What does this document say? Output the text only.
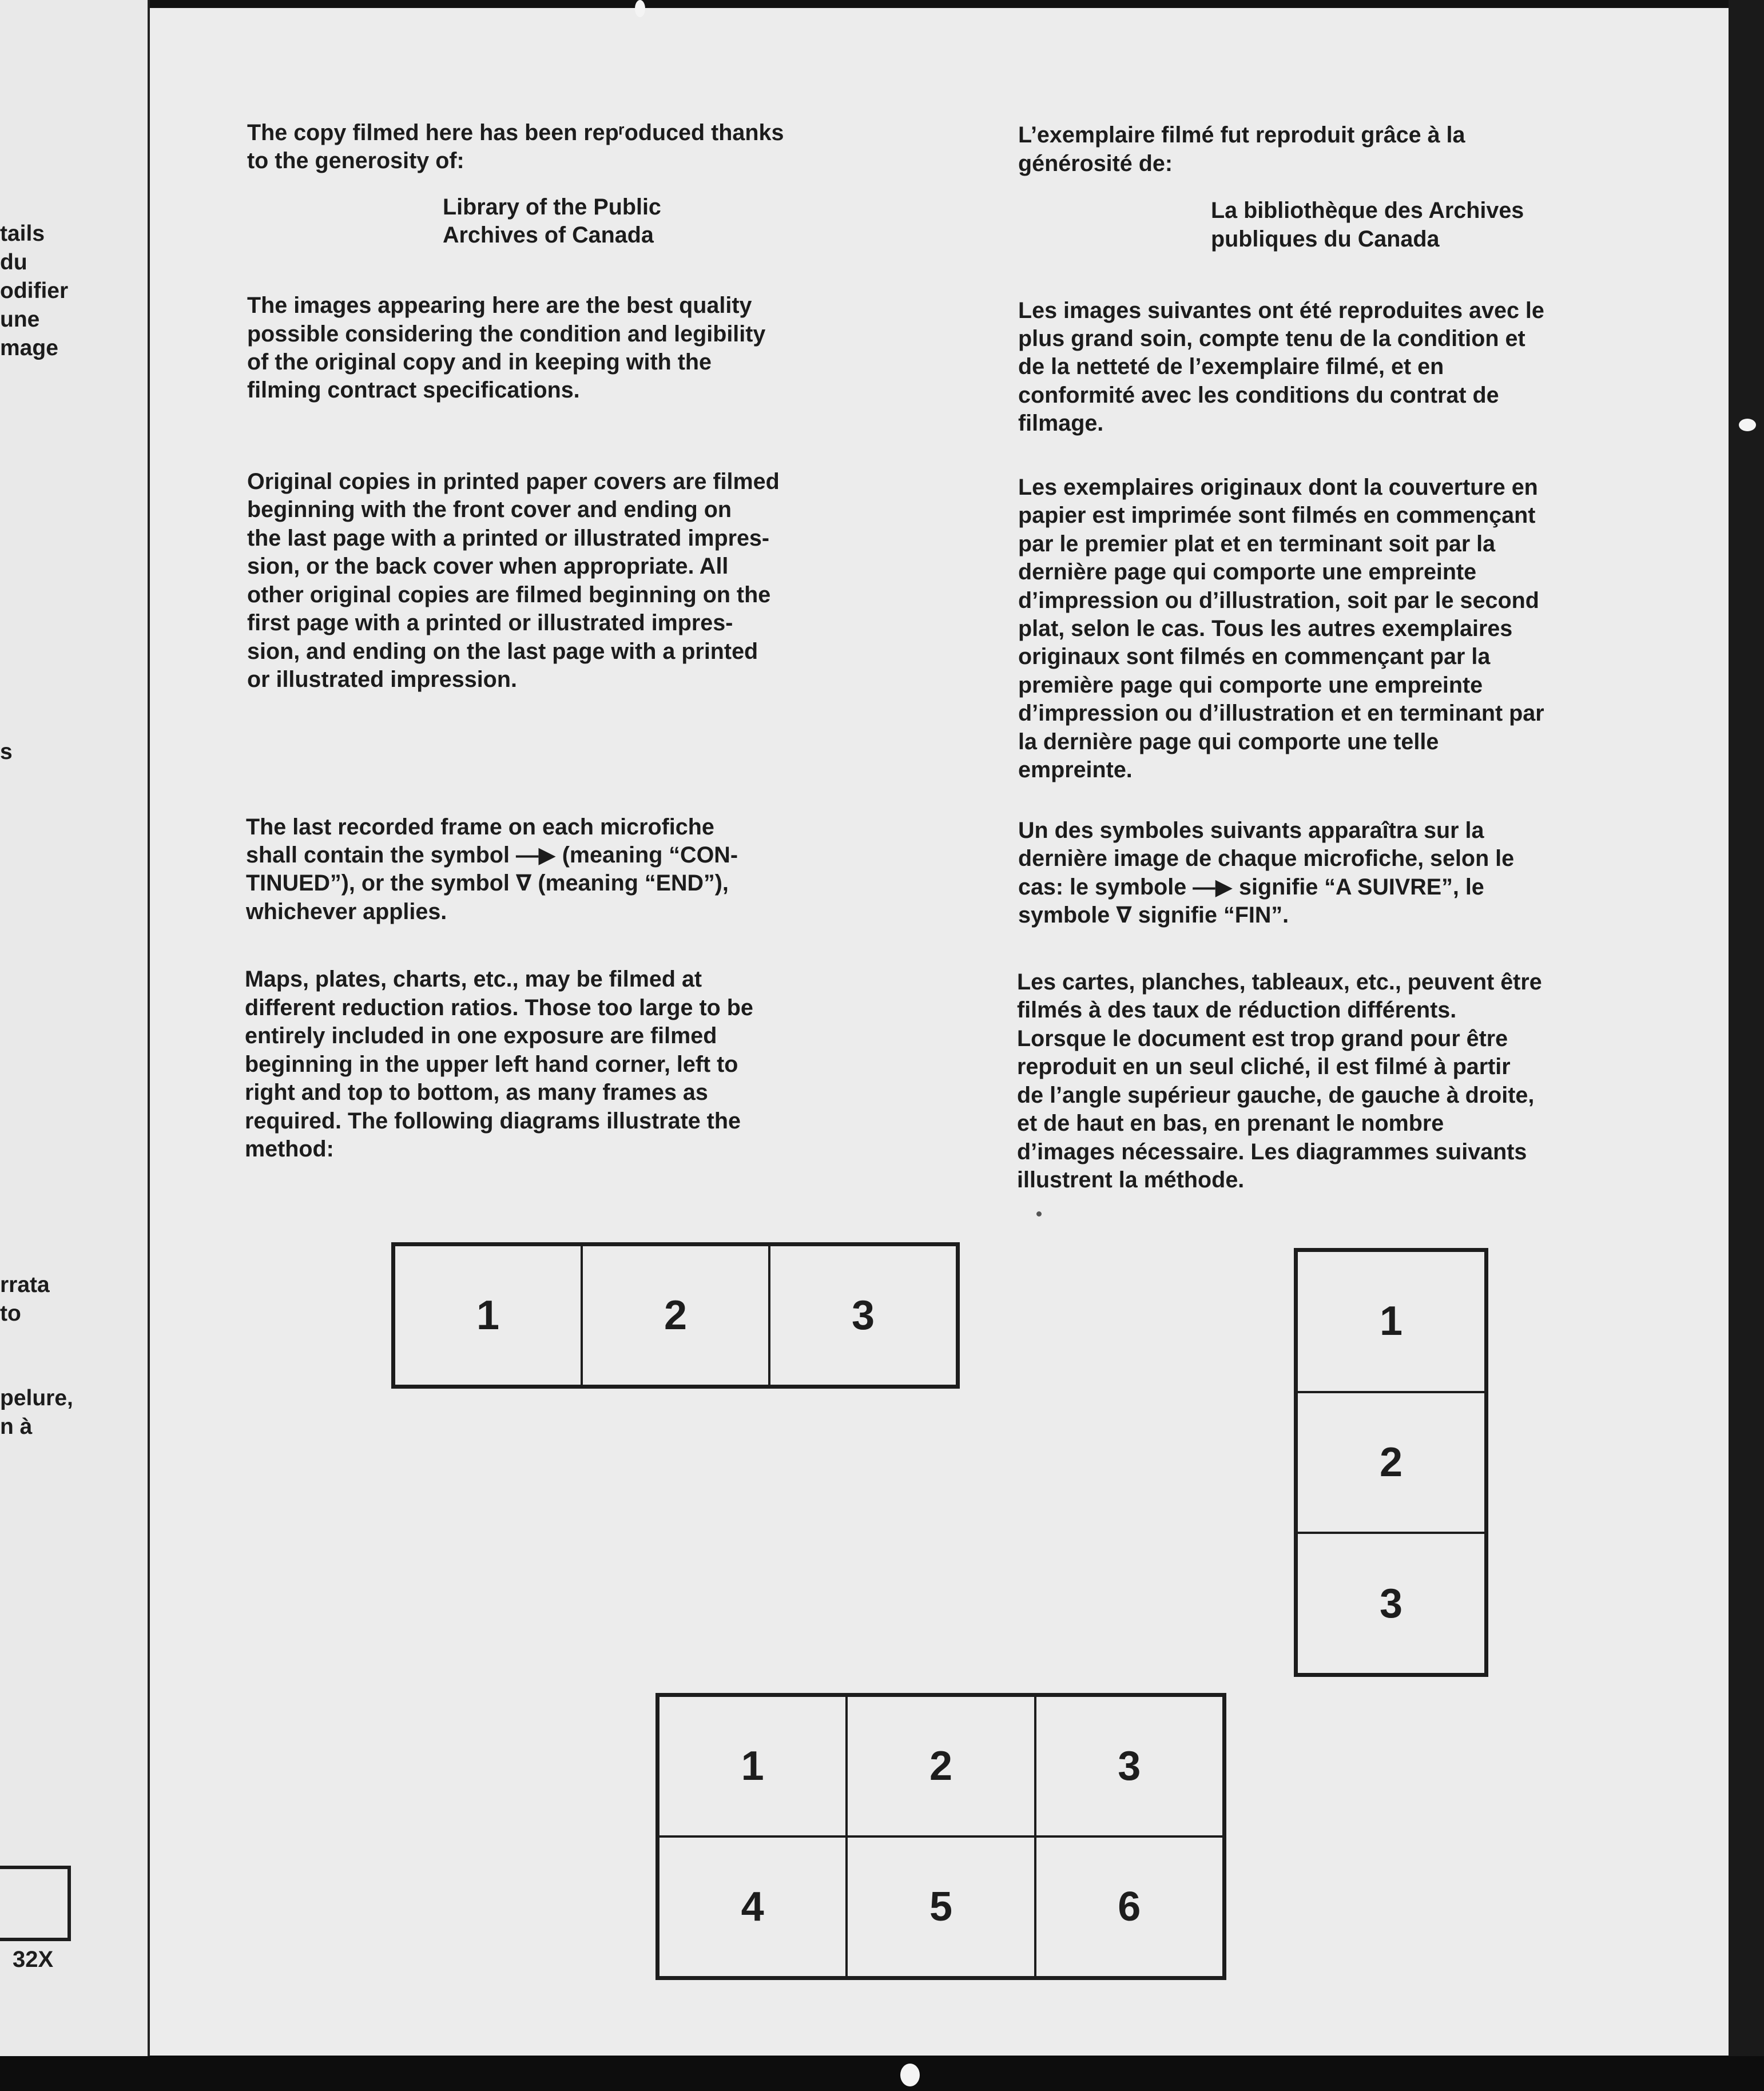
tails
du
odifier
une
mage
s
rrata
to
pelure,
n à
32X
The copy filmed here has been repʳoduced thanks
to the generosity of:
Library of the Public
Archives of Canada
The images appearing here are the best quality
possible considering the condition and legibility
of the original copy and in keeping with the
filming contract specifications.
Original copies in printed paper covers are filmed
beginning with the front cover and ending on
the last page with a printed or illustrated impres-
sion, or the back cover when appropriate. All
other original copies are filmed beginning on the
first page with a printed or illustrated impres-
sion, and ending on the last page with a printed
or illustrated impression.
The last recorded frame on each microfiche
shall contain the symbol —▶ (meaning “CON-
TINUED”), or the symbol ∇ (meaning “END”),
whichever applies.
Maps, plates, charts, etc., may be filmed at
different reduction ratios. Those too large to be
entirely included in one exposure are filmed
beginning in the upper left hand corner, left to
right and top to bottom, as many frames as
required. The following diagrams illustrate the
method:
L’exemplaire filmé fut reproduit grâce à la
générosité de:
La bibliothèque des Archives
publiques du Canada
Les images suivantes ont été reproduites avec le
plus grand soin, compte tenu de la condition et
de la netteté de l’exemplaire filmé, et en
conformité avec les conditions du contrat de
filmage.
Les exemplaires originaux dont la couverture en
papier est imprimée sont filmés en commençant
par le premier plat et en terminant soit par la
dernière page qui comporte une empreinte
d’impression ou d’illustration, soit par le second
plat, selon le cas. Tous les autres exemplaires
originaux sont filmés en commençant par la
première page qui comporte une empreinte
d’impression ou d’illustration et en terminant par
la dernière page qui comporte une telle
empreinte.
Un des symboles suivants apparaîtra sur la
dernière image de chaque microfiche, selon le
cas: le symbole —▶ signifie “A SUIVRE”, le
symbole ∇ signifie “FIN”.
Les cartes, planches, tableaux, etc., peuvent être
filmés à des taux de réduction différents.
Lorsque le document est trop grand pour être
reproduit en un seul cliché, il est filmé à partir
de l’angle supérieur gauche, de gauche à droite,
et de haut en bas, en prenant le nombre
d’images nécessaire. Les diagrammes suivants
illustrent la méthode.
1	2	3	1
2
3
1	2	3
4	5	6
